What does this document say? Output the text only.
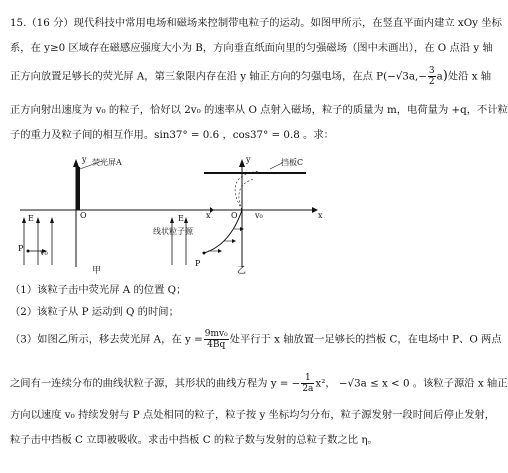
15.（16 分）现代科技中常用电场和磁场来控制带电粒子的运动。如图甲所示，在竖直平面内建立 xOy 坐标
系，在 y≥0 区域存在磁感应强度大小为 B，方向垂直纸面向里的匀强磁场（图中未画出），在 O 点沿 y 轴
正方向放置足够长的荧光屏 A，第三象限内存在沿 y 轴正方向的匀强电场，在点 $P(-√3a,- \frac{3}{2} a)$处沿 x 轴
正方向射出速度为 v₀ 的粒子，恰好以 2v₀ 的速率从 O 点射入磁场，粒子的质量为 m，电荷量为 +q，不计粒
子的重力及粒子间的相互作用。sin37° = 0.6 ，cos37° = 0.8 。求：
荧光屏A
y
x
O
E
P v₀
甲
挡板C
y
x
O
E
P
v₀
线状粒子源
乙
（1）该粒子击中荧光屏 A 的位置 Q；
（2）该粒子从 P 运动到 Q 的时间；
（3）如图乙所示，移去荧光屏 A，在 $y = \frac{\text{9mv₀}}{4Bq}$ 处平行于 x 轴放置一足够长的挡板 C，在电场中 P、O 两点
之间有一连续分布的曲线状粒子源，其形状的曲线方程为 y = − $\frac{1}{2a} x^2$， −√3a ≤ x < 0 。该粒子源沿 x 轴正
方向以速度 v₀ 持续发射与 P 点处相同的粒子，粒子按 y 坐标均匀分布，粒子源发射一段时间后停止发射，
粒子击中挡板 C 立即被吸收。求击中挡板 C 的粒子数与发射的总粒子数之比 η。
